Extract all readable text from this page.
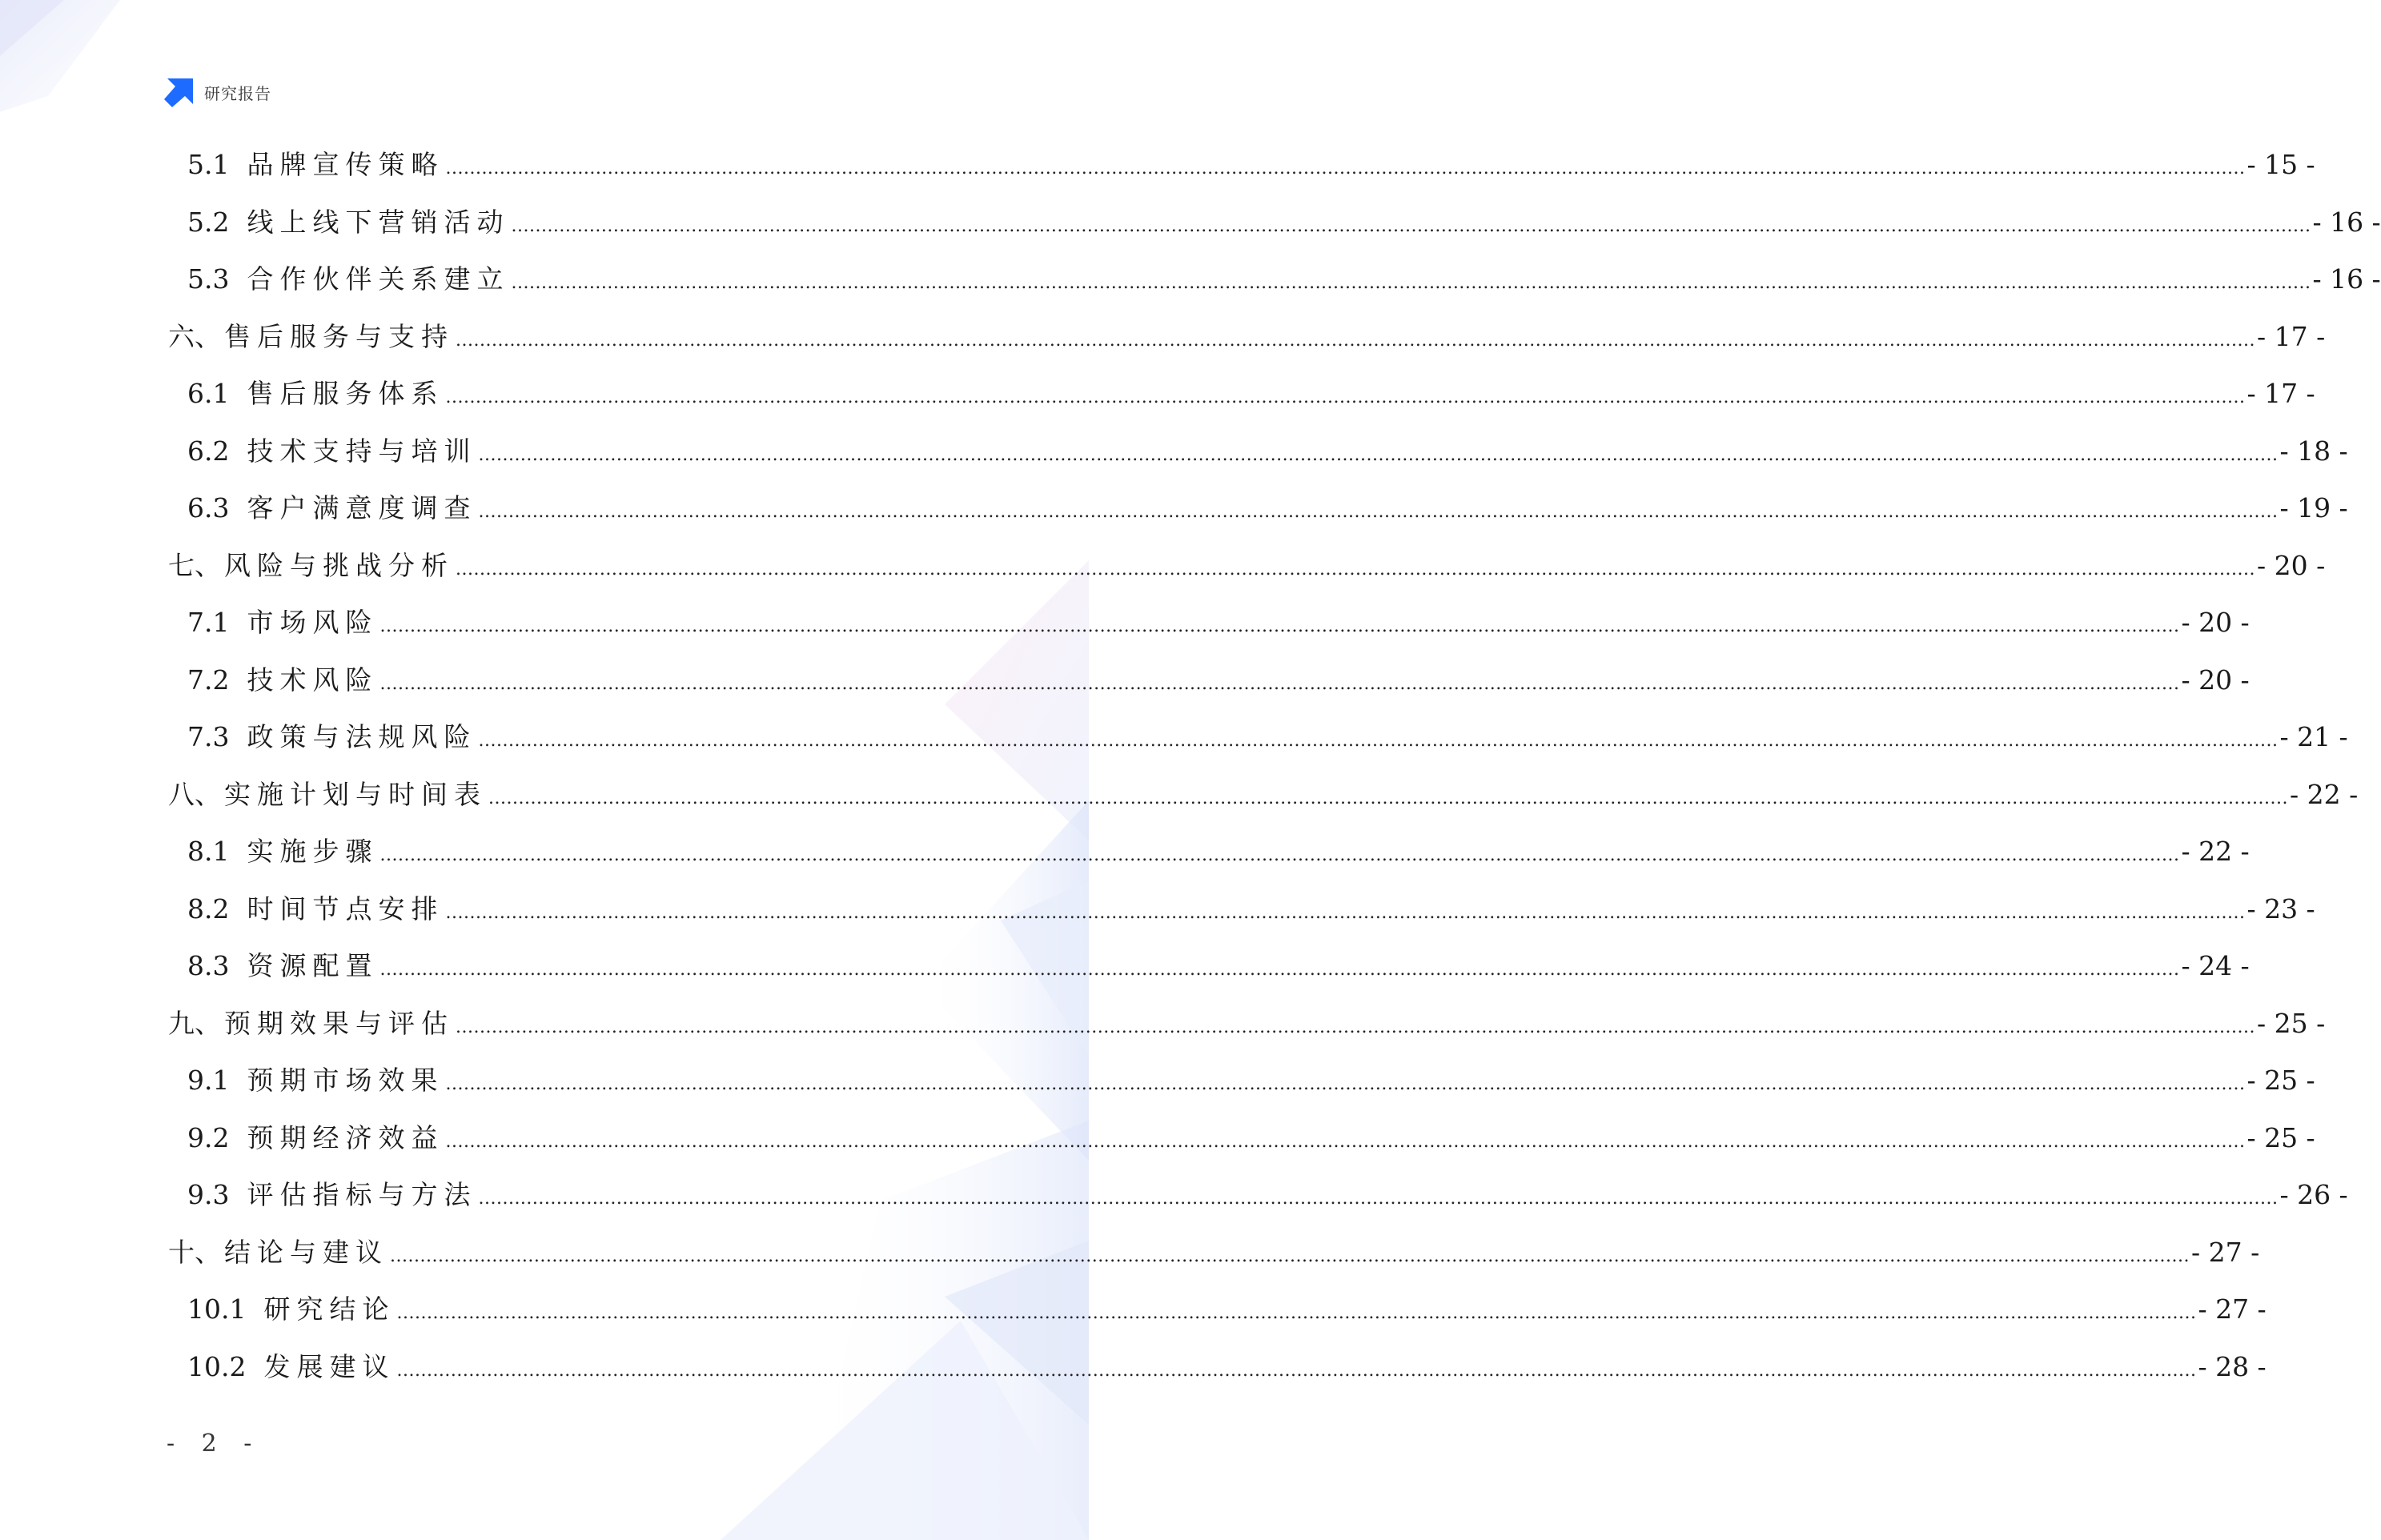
研究报告
5.1 品牌宣传策略 ............................................................................................................................................................................................................................................................................................................ - 15 -
5.2 线上线下营销活动 ............................................................................................................................................................................................................................................................................................................ - 16 -
5.3 合作伙伴关系建立 ............................................................................................................................................................................................................................................................................................................ - 16 -
六、 售后服务与支持 ............................................................................................................................................................................................................................................................................................................ - 17 -
6.1 售后服务体系 ............................................................................................................................................................................................................................................................................................................ - 17 -
6.2 技术支持与培训 ............................................................................................................................................................................................................................................................................................................ - 18 -
6.3 客户满意度调查 ............................................................................................................................................................................................................................................................................................................ - 19 -
七、 风险与挑战分析 ............................................................................................................................................................................................................................................................................................................ - 20 -
7.1 市场风险 ............................................................................................................................................................................................................................................................................................................ - 20 -
7.2 技术风险 ............................................................................................................................................................................................................................................................................................................ - 20 -
7.3 政策与法规风险 ............................................................................................................................................................................................................................................................................................................ - 21 -
八、 实施计划与时间表 ............................................................................................................................................................................................................................................................................................................ - 22 -
8.1 实施步骤 ............................................................................................................................................................................................................................................................................................................ - 22 -
8.2 时间节点安排 ............................................................................................................................................................................................................................................................................................................ - 23 -
8.3 资源配置 ............................................................................................................................................................................................................................................................................................................ - 24 -
九、 预期效果与评估 ............................................................................................................................................................................................................................................................................................................ - 25 -
9.1 预期市场效果 ............................................................................................................................................................................................................................................................................................................ - 25 -
9.2 预期经济效益 ............................................................................................................................................................................................................................................................................................................ - 25 -
9.3 评估指标与方法 ............................................................................................................................................................................................................................................................................................................ - 26 -
十、 结论与建议 ............................................................................................................................................................................................................................................................................................................ - 27 -
10.1 研究结论 ............................................................................................................................................................................................................................................................................................................ - 27 -
10.2 发展建议 ............................................................................................................................................................................................................................................................................................................ - 28 -
- 2 -
